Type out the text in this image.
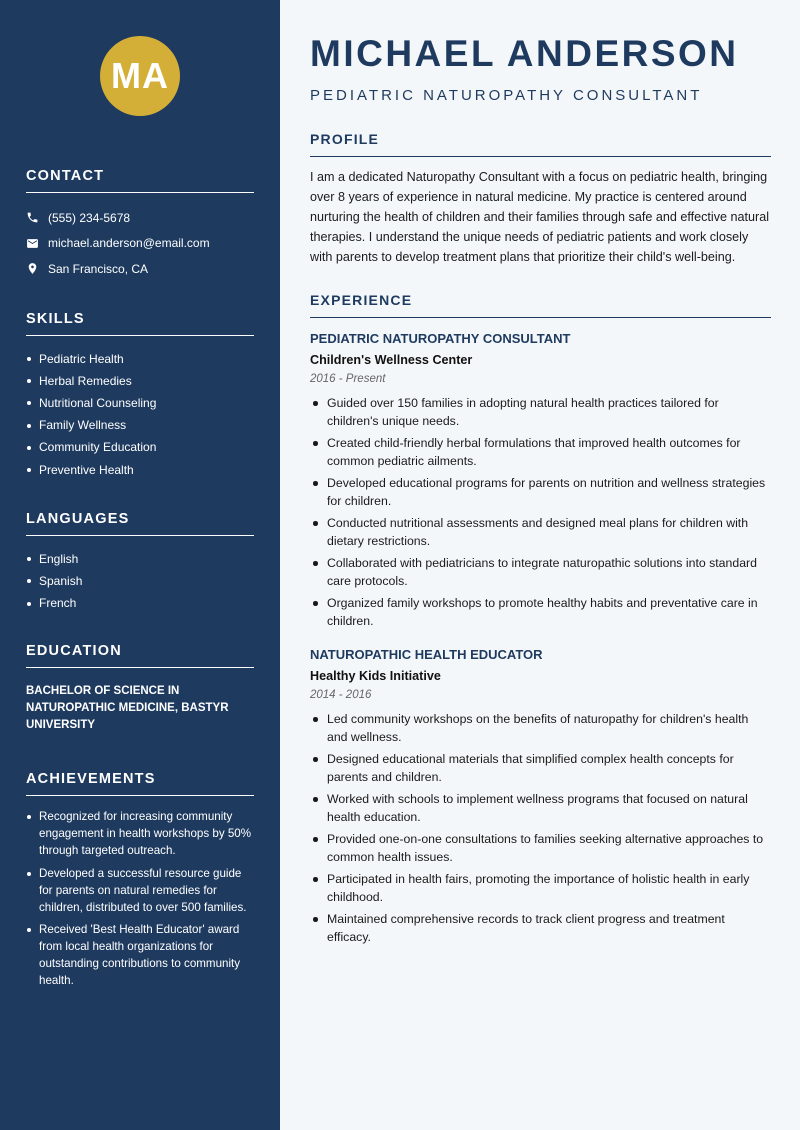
MA
CONTACT
(555) 234-5678
michael.anderson@email.com
San Francisco, CA
SKILLS
Pediatric Health
Herbal Remedies
Nutritional Counseling
Family Wellness
Community Education
Preventive Health
LANGUAGES
English
Spanish
French
EDUCATION

BACHELOR OF SCIENCE IN NATUROPATHIC MEDICINE, BASTYR UNIVERSITY

ACHIEVEMENTS
Recognized for increasing community engagement in health workshops by 50% through targeted outreach.
Developed a successful resource guide for parents on natural remedies for children, distributed to over 500 families.
Received 'Best Health Educator' award from local health organizations for outstanding contributions to community health.
MICHAEL ANDERSON
PEDIATRIC NATUROPATHY CONSULTANT
PROFILE

I am a dedicated Naturopathy Consultant with a focus on pediatric health, bringing over 8 years of experience in natural medicine. My practice is centered around nurturing the health of children and their families through safe and effective natural therapies. I understand the unique needs of pediatric patients and work closely with parents to develop treatment plans that prioritize their child's well-being.

EXPERIENCE
PEDIATRIC NATUROPATHY CONSULTANT
Children's Wellness Center
2016 - Present
Guided over 150 families in adopting natural health practices tailored for children's unique needs.
Created child-friendly herbal formulations that improved health outcomes for common pediatric ailments.
Developed educational programs for parents on nutrition and wellness strategies for children.
Conducted nutritional assessments and designed meal plans for children with dietary restrictions.
Collaborated with pediatricians to integrate naturopathic solutions into standard care protocols.
Organized family workshops to promote healthy habits and preventative care in children.
NATUROPATHIC HEALTH EDUCATOR
Healthy Kids Initiative
2014 - 2016
Led community workshops on the benefits of naturopathy for children's health and wellness.
Designed educational materials that simplified complex health concepts for parents and children.
Worked with schools to implement wellness programs that focused on natural health education.
Provided one-on-one consultations to families seeking alternative approaches to common health issues.
Participated in health fairs, promoting the importance of holistic health in early childhood.
Maintained comprehensive records to track client progress and treatment efficacy.
